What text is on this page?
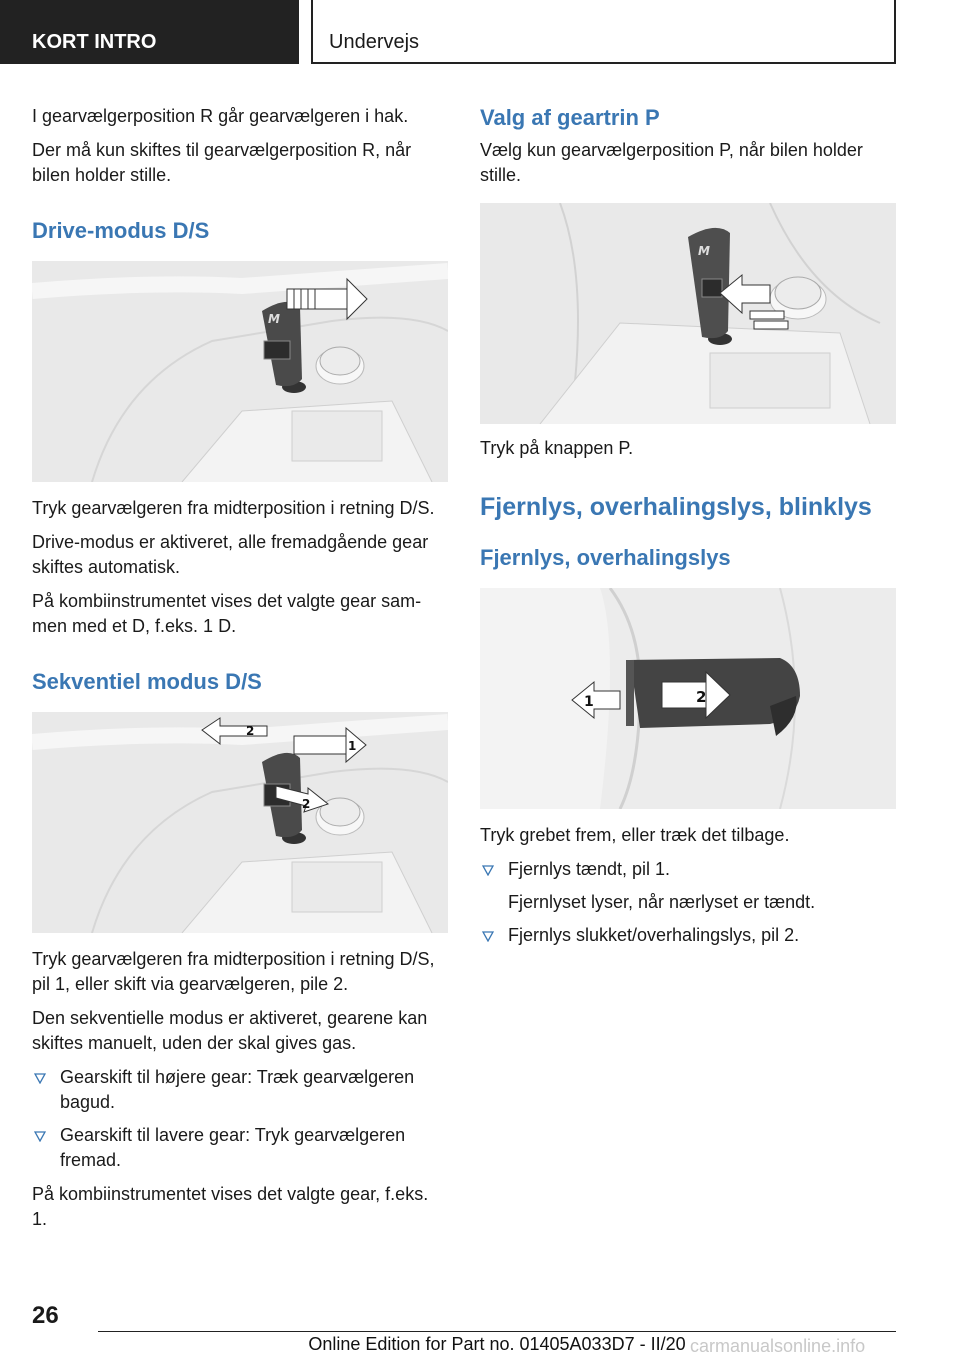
KORT INTRO	Undervejs

I gearvælgerposition R går gearvælgeren i hak.

Der må kun skiftes til gearvælgerposition R, når bilen holder stille.

Drive-modus D/S
M

Tryk gearvælgeren fra midterposition i retning D/S.

Drive-modus er aktiveret, alle fremadgående gear skiftes automatisk.

På kombiinstrumentet vises det valgte gear sam‐men med et D, f.eks. 1 D.

Sekventiel modus D/S
2
1
2

Tryk gearvælgeren fra midterposition i retning D/S, pil 1, eller skift via gearvælgeren, pile 2.

Den sekventielle modus er aktiveret, gearene kan skiftes manuelt, uden der skal gives gas.

Gearskift til højere gear: Træk gearvælgeren bagud.
Gearskift til lavere gear: Tryk gearvælgeren fremad.

På kombiinstrumentet vises det valgte gear, f.eks. 1.

Valg af geartrin P

Vælg kun gearvælgerposition P, når bilen holder stille.

M

Tryk på knappen P.

Fjernlys, overhalingslys, blinklys
Fjernlys, overhalingslys
1	2

Tryk grebet frem, eller træk det tilbage.

Fjernlys tændt, pil 1.
Fjernlyset lyser, når nærlyset er tændt.
Fjernlys slukket/overhalingslys, pil 2.
26
Online Edition for Part no. 01405A033D7 - II/20 carmanualsonline.info
